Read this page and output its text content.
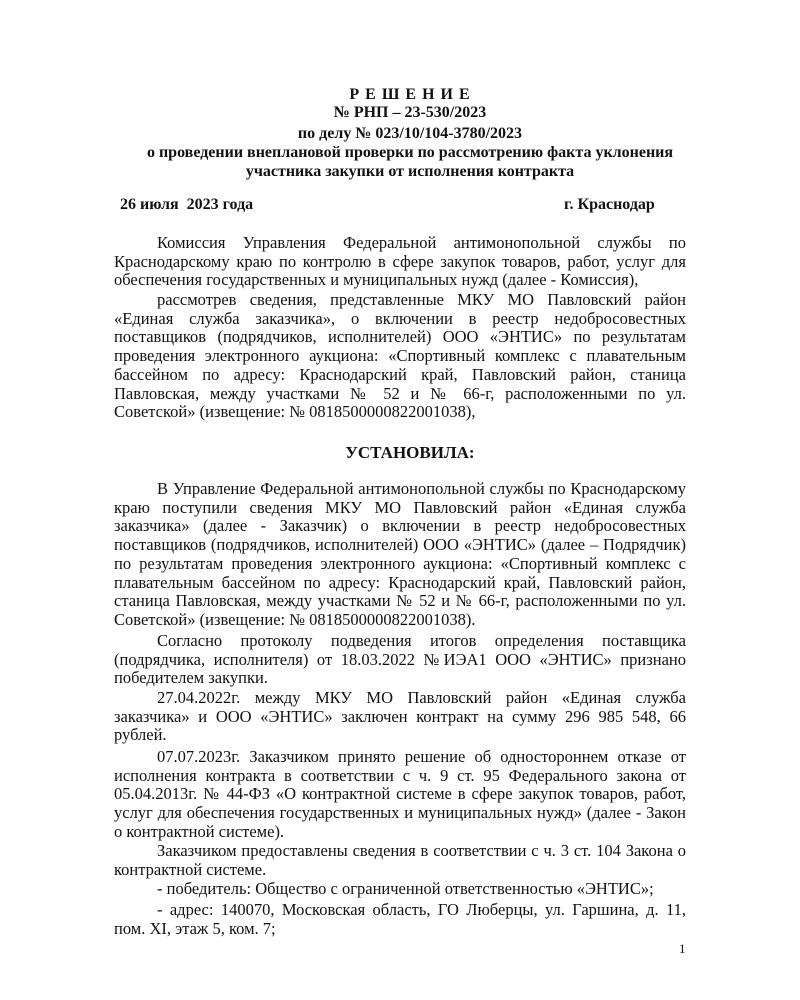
Р Е Ш Е Н И Е
№ РНП – 23-530/2023
по делу № 023/10/104-3780/2023
о проведении внеплановой проверки по рассмотрению факта уклонения
участника закупки от исполнения контракта
26 июля  2023 года	г. Краснодар

Комиссия Управления Федеральной антимонопольной службы по Краснодарскому краю по контролю в сфере закупок товаров, работ, услуг для обеспечения государственных и муниципальных нужд (далее - Комиссия),

рассмотрев сведения, представленные МКУ МО Павловский район «Единая служба заказчика», о включении в реестр недобросовестных поставщиков (подрядчиков, исполнителей) ООО «ЭНТИС» по результатам проведения электронного аукциона: «Спортивный комплекс с плавательным бассейном по адресу: Краснодарский край, Павловский район, станица Павловская, между участками № 52 и № 66-г, расположенными по ул. Советской» (извещение: № 0818500000822001038),

УСТАНОВИЛА:

В Управление Федеральной антимонопольной службы по Краснодарскому краю поступили сведения МКУ МО Павловский район «Единая служба заказчика» (далее - Заказчик) о включении в реестр недобросовестных поставщиков (подрядчиков, исполнителей) ООО «ЭНТИС» (далее – Подрядчик) по результатам проведения электронного аукциона: «Спортивный комплекс с плавательным бассейном по адресу: Краснодарский край, Павловский район, станица Павловская, между участками № 52 и № 66-г, расположенными по ул. Советской» (извещение: № 0818500000822001038).

Согласно протоколу подведения итогов определения поставщика (подрядчика, исполнителя) от 18.03.2022 №ИЭА1 ООО «ЭНТИС» признано победителем закупки.

27.04.2022г. между МКУ МО Павловский район «Единая служба заказчика» и ООО «ЭНТИС» заключен контракт на сумму 296 985 548, 66 рублей.

07.07.2023г. Заказчиком принято решение об одностороннем отказе от исполнения контракта в соответствии с ч. 9 ст. 95 Федерального закона от 05.04.2013г. № 44-ФЗ «О контрактной системе в сфере закупок товаров, работ, услуг для обеспечения государственных и муниципальных нужд» (далее - Закон о контрактной системе).

Заказчиком предоставлены сведения в соответствии с ч. 3 ст. 104 Закона о контрактной системе.

- победитель: Общество с ограниченной ответственностью «ЭНТИС»;

- адрес: 140070, Московская область, ГО Люберцы, ул. Гаршина, д. 11, пом. XI, этаж 5, ком. 7;

1
